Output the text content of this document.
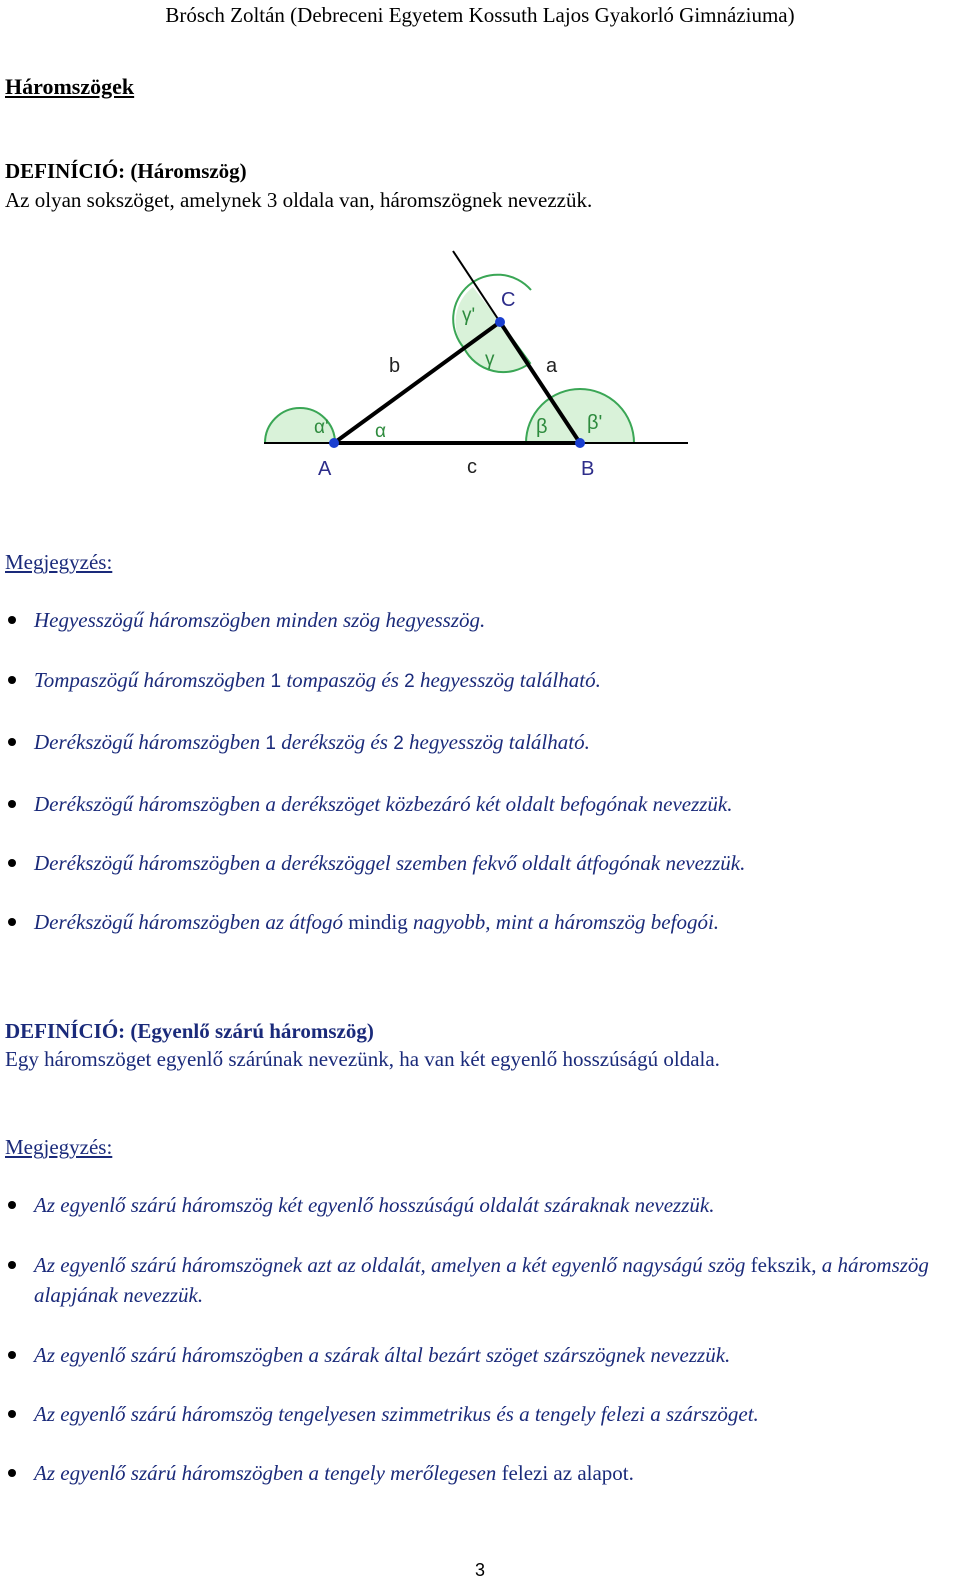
Brósch Zoltán (Debreceni Egyetem Kossuth Lajos Gyakorló Gimnáziuma)
Háromszögek
DEFINÍCIÓ: (Háromszög)
Az olyan sokszöget, amelynek 3 oldala van, háromszögnek nevezzük.
A	B
C
a
b
c
α' α	β β'
γ'
γ
Megjegyzés:
Hegyesszögű háromszögben minden szög hegyesszög.
Tompaszögű háromszögben 1 tompaszög és 2 hegyesszög található.
Derékszögű háromszögben 1 derékszög és 2 hegyesszög található.
Derékszögű háromszögben a derékszöget közbezáró két oldalt befogónak nevezzük.
Derékszögű háromszögben a derékszöggel szemben fekvő oldalt átfogónak nevezzük.
Derékszögű háromszögben az átfogó mindig nagyobb, mint a háromszög befogói.
DEFINÍCIÓ: (Egyenlő szárú háromszög)
Egy háromszöget egyenlő szárúnak nevezünk, ha van két egyenlő hosszúságú oldala.
Megjegyzés:
Az egyenlő szárú háromszög két egyenlő hosszúságú oldalát száraknak nevezzük.
Az egyenlő szárú háromszögnek azt az oldalát, amelyen a két egyenlő nagyságú szög fekszik, a háromszög alapjának nevezzük.
Az egyenlő szárú háromszögben a szárak által bezárt szöget szárszögnek nevezzük.
Az egyenlő szárú háromszög tengelyesen szimmetrikus és a tengely felezi a szárszöget.
Az egyenlő szárú háromszögben a tengely merőlegesen felezi az alapot.
3
